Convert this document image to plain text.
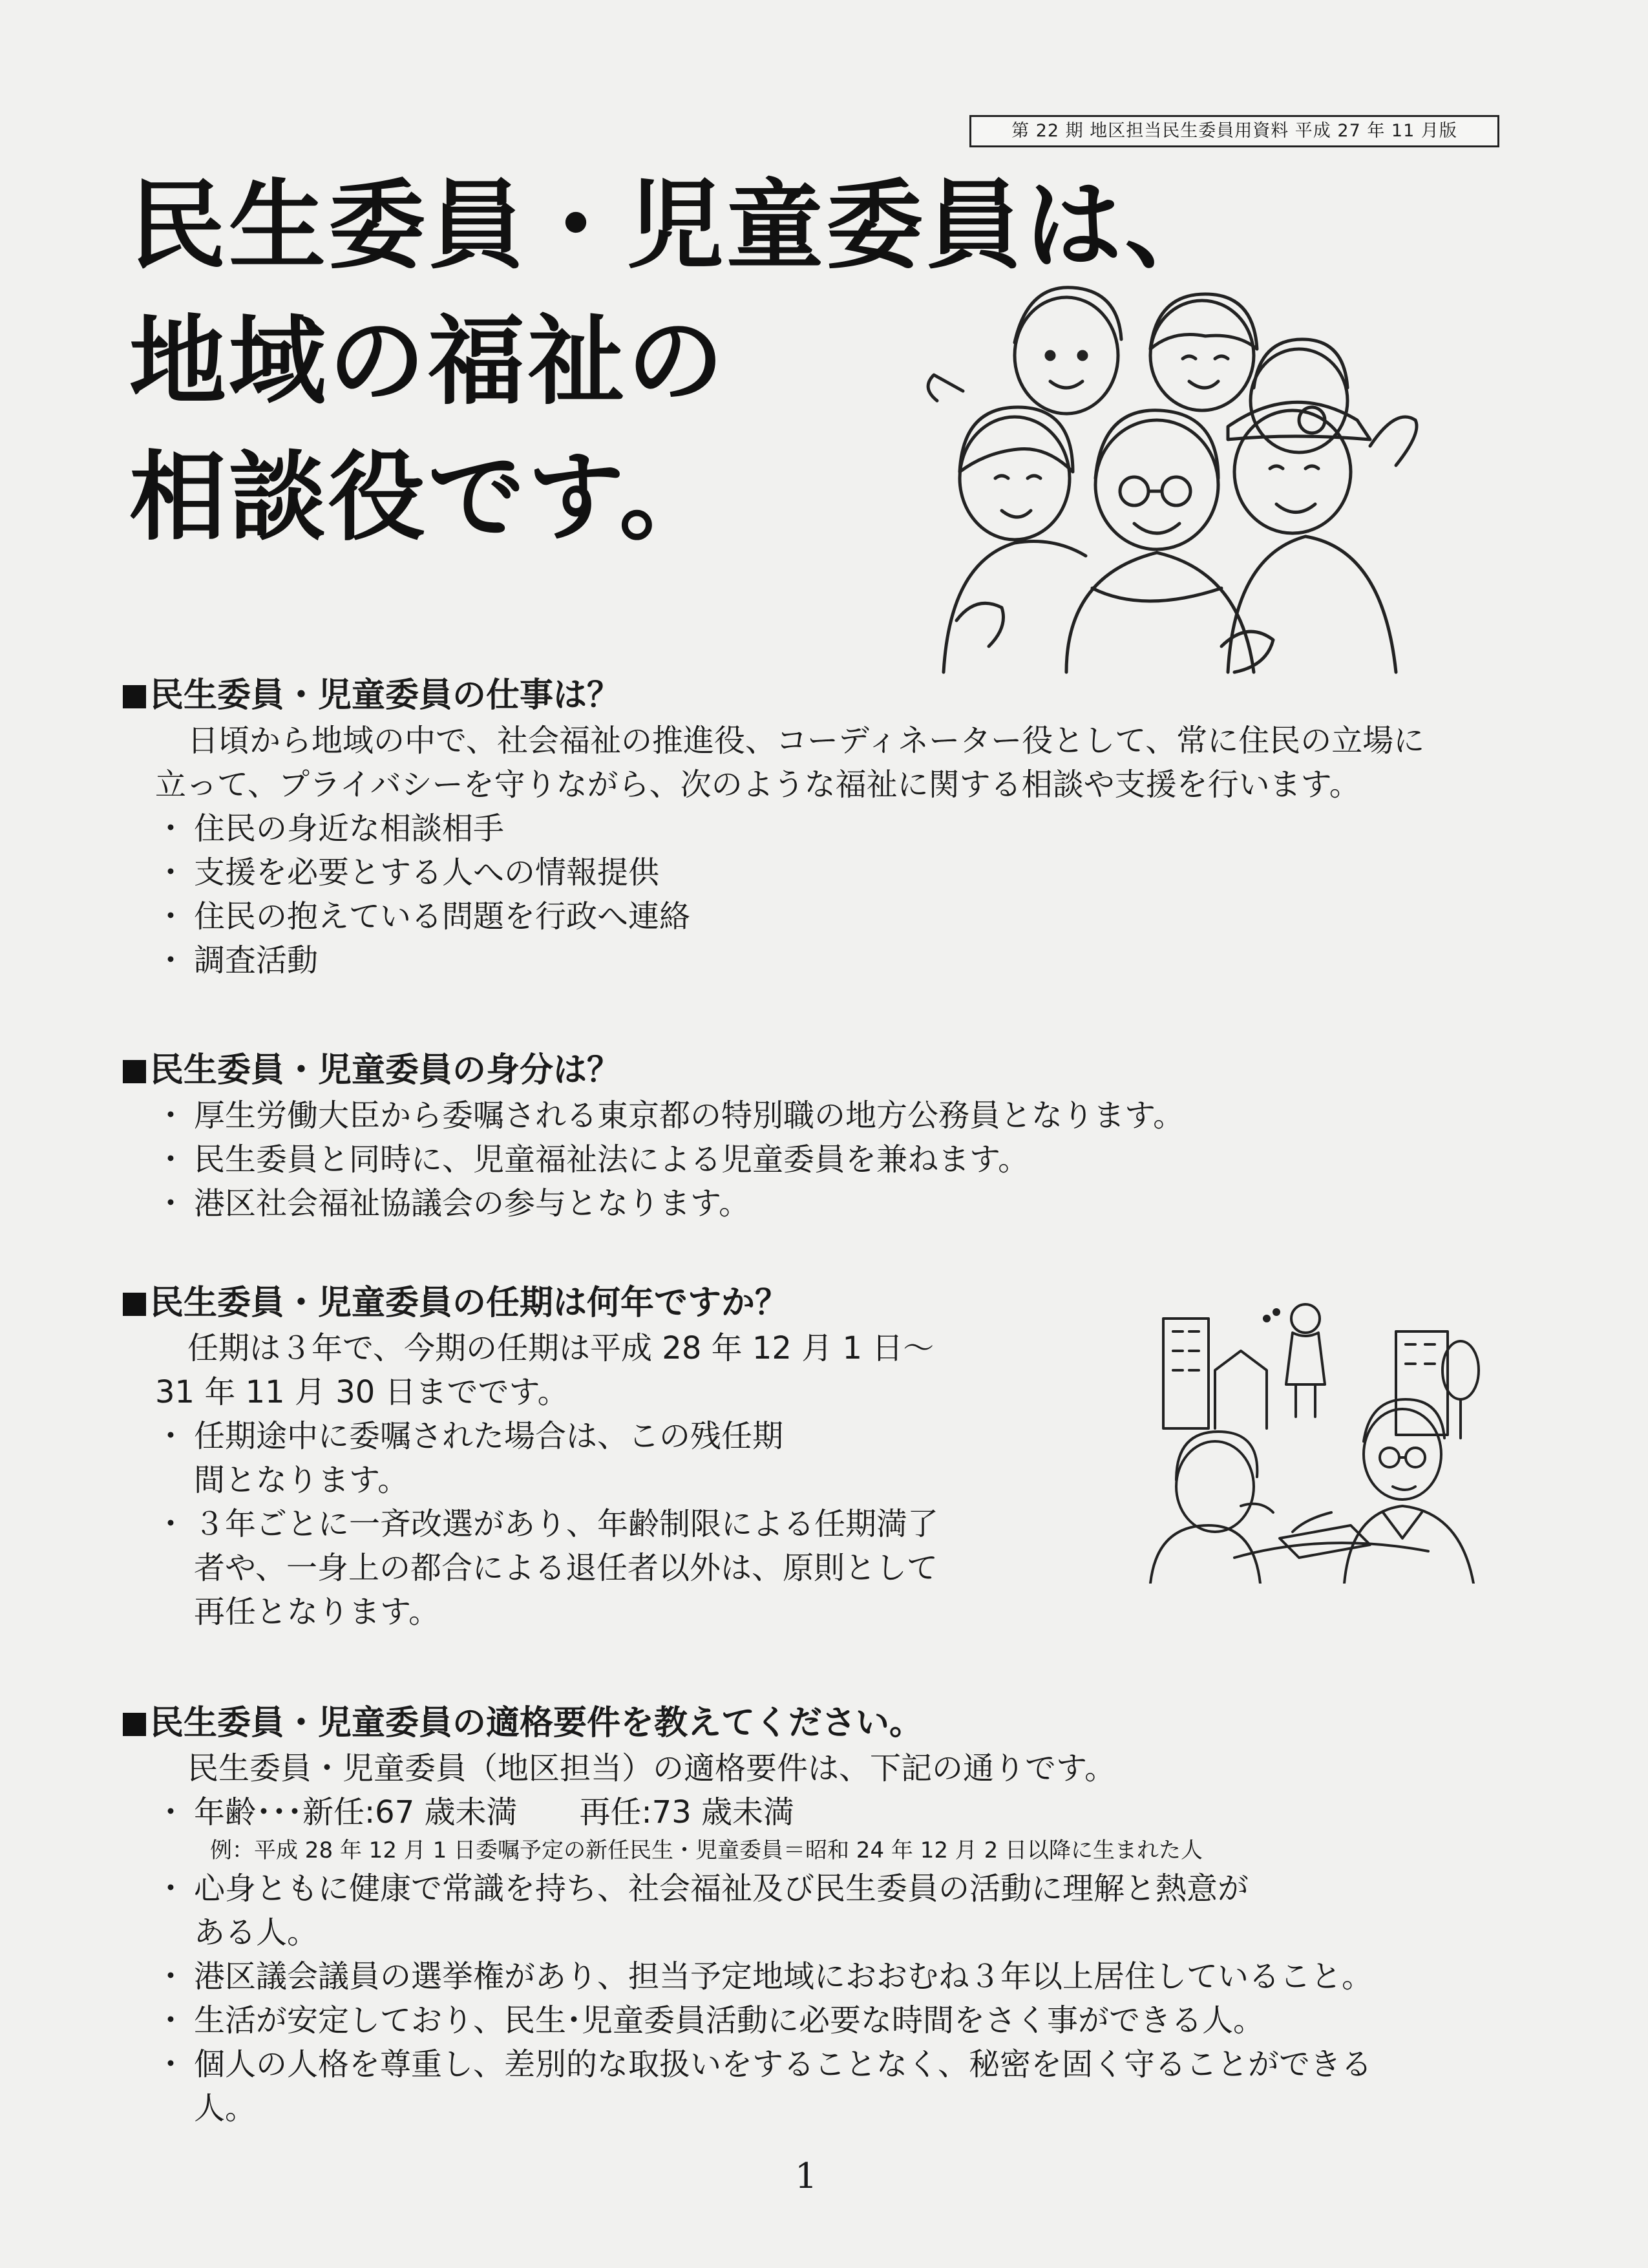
第 22 期 地区担当民生委員用資料 平成 27 年 11 月版
民生委員・児童委員は、
地域の福祉の
相談役です。
民生委員・児童委員の仕事は？
日頃から地域の中で、社会福祉の推進役、コーディネーター役として、常に住民の立場に
立って、プライバシーを守りながら、次のような福祉に関する相談や支援を行います。
・ 住民の身近な相談相手
・ 支援を必要とする人への情報提供
・ 住民の抱えている問題を行政へ連絡
・ 調査活動
民生委員・児童委員の身分は？
・ 厚生労働大臣から委嘱される東京都の特別職の地方公務員となります。
・ 民生委員と同時に、児童福祉法による児童委員を兼ねます。
・ 港区社会福祉協議会の参与となります。
民生委員・児童委員の任期は何年ですか？
任期は３年で、今期の任期は平成 28 年 12 月 1 日～
31 年 11 月 30 日までです。
・ 任期途中に委嘱された場合は、この残任期
間となります。
・ ３年ごとに一斉改選があり、年齢制限による任期満了
者や、一身上の都合による退任者以外は、原則として
再任となります。
民生委員・児童委員の適格要件を教えてください。
民生委員・児童委員（地区担当）の適格要件は、下記の通りです。
・ 年齢･･･新任:67 歳未満　　再任:73 歳未満
例：平成 28 年 12 月 1 日委嘱予定の新任民生・児童委員＝昭和 24 年 12 月 2 日以降に生まれた人
・ 心身ともに健康で常識を持ち、社会福祉及び民生委員の活動に理解と熱意が
ある人。
・ 港区議会議員の選挙権があり、担当予定地域におおむね３年以上居住していること。
・ 生活が安定しており、民生･児童委員活動に必要な時間をさく事ができる人。
・ 個人の人格を尊重し、差別的な取扱いをすることなく、秘密を固く守ることができる
人。
1
